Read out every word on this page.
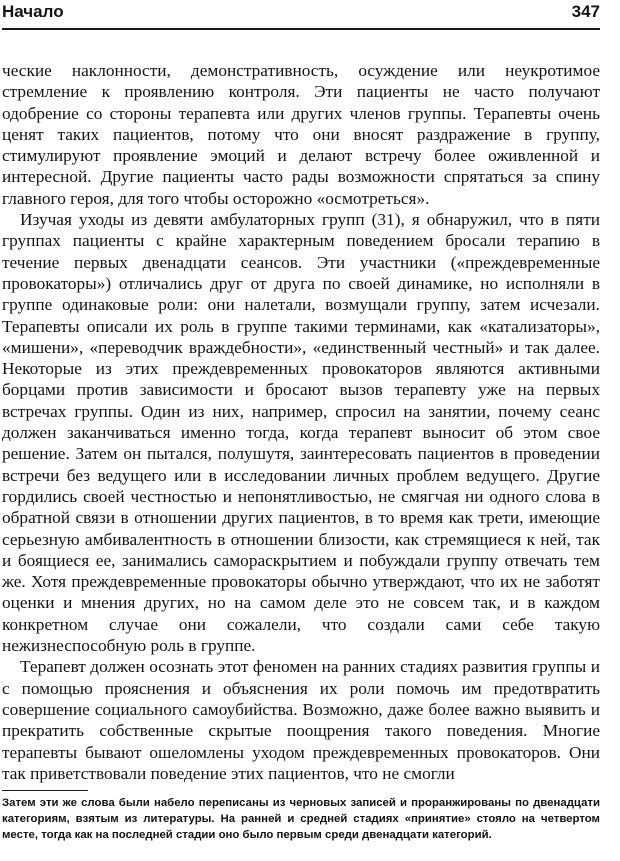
Начало	347

ческие наклонности, демонстративность, осуждение или неукротимое стремление к проявлению контроля. Эти пациенты не часто получают одобрение со стороны терапевта или других членов группы. Терапевты очень ценят таких пациентов, потому что они вносят раздражение в группу, стимулируют проявление эмоций и делают встречу более оживленной и интересной. Другие пациенты часто рады возможности спрятаться за спину главного героя, для того чтобы осторожно «осмотреться».

Изучая уходы из девяти амбулаторных групп (31), я обнаружил, что в пяти группах пациенты с крайне характерным поведением бросали терапию в течение первых двенадцати сеансов. Эти участники («преждевременные провокаторы») отличались друг от друга по своей динамике, но исполняли в группе одинаковые роли: они налетали, возмущали группу, затем исчезали. Терапевты описали их роль в группе такими терминами, как «катализаторы», «мишени», «переводчик враждебности», «единственный честный» и так далее. Некоторые из этих преждевременных провокаторов являются активными борцами против зависимости и бросают вызов терапевту уже на первых встречах группы. Один из них, например, спросил на занятии, почему сеанс должен заканчиваться именно тогда, когда терапевт выносит об этом свое решение. Затем он пытался, полушутя, заинтересовать пациентов в проведении встречи без ведущего или в исследовании личных проблем ведущего. Другие гордились своей честностью и непонятливостью, не смягчая ни одного слова в обратной связи в отношении других пациентов, в то время как трети, имеющие серьезную амбивалентность в отношении близости, как стремящиеся к ней, так и боящиеся ее, занимались самораскрытием и побуждали группу отвечать тем же. Хотя преждевременные провокаторы обычно утверждают, что их не заботят оценки и мнения других, но на самом деле это не совсем так, и в каждом конкретном случае они сожалели, что создали сами себе такую нежизнеспособную роль в группе.

Терапевт должен осознать этот феномен на ранних стадиях развития группы и с помощью прояснения и объяснения их роли помочь им предотвратить совершение социального самоубийства. Возможно, даже более важно выявить и прекратить собственные скрытые поощрения такого поведения. Многие терапевты бывают ошеломлены уходом преждевременных провокаторов. Они так приветствовали поведение этих пациентов, что не смогли

Затем эти же слова были набело переписаны из черновых записей и проранжированы по двенадцати категориям, взятым из литературы. На ранней и средней стадиях «принятие» стояло на четвертом месте, тогда как на последней стадии оно было первым среди двенадцати категорий.
